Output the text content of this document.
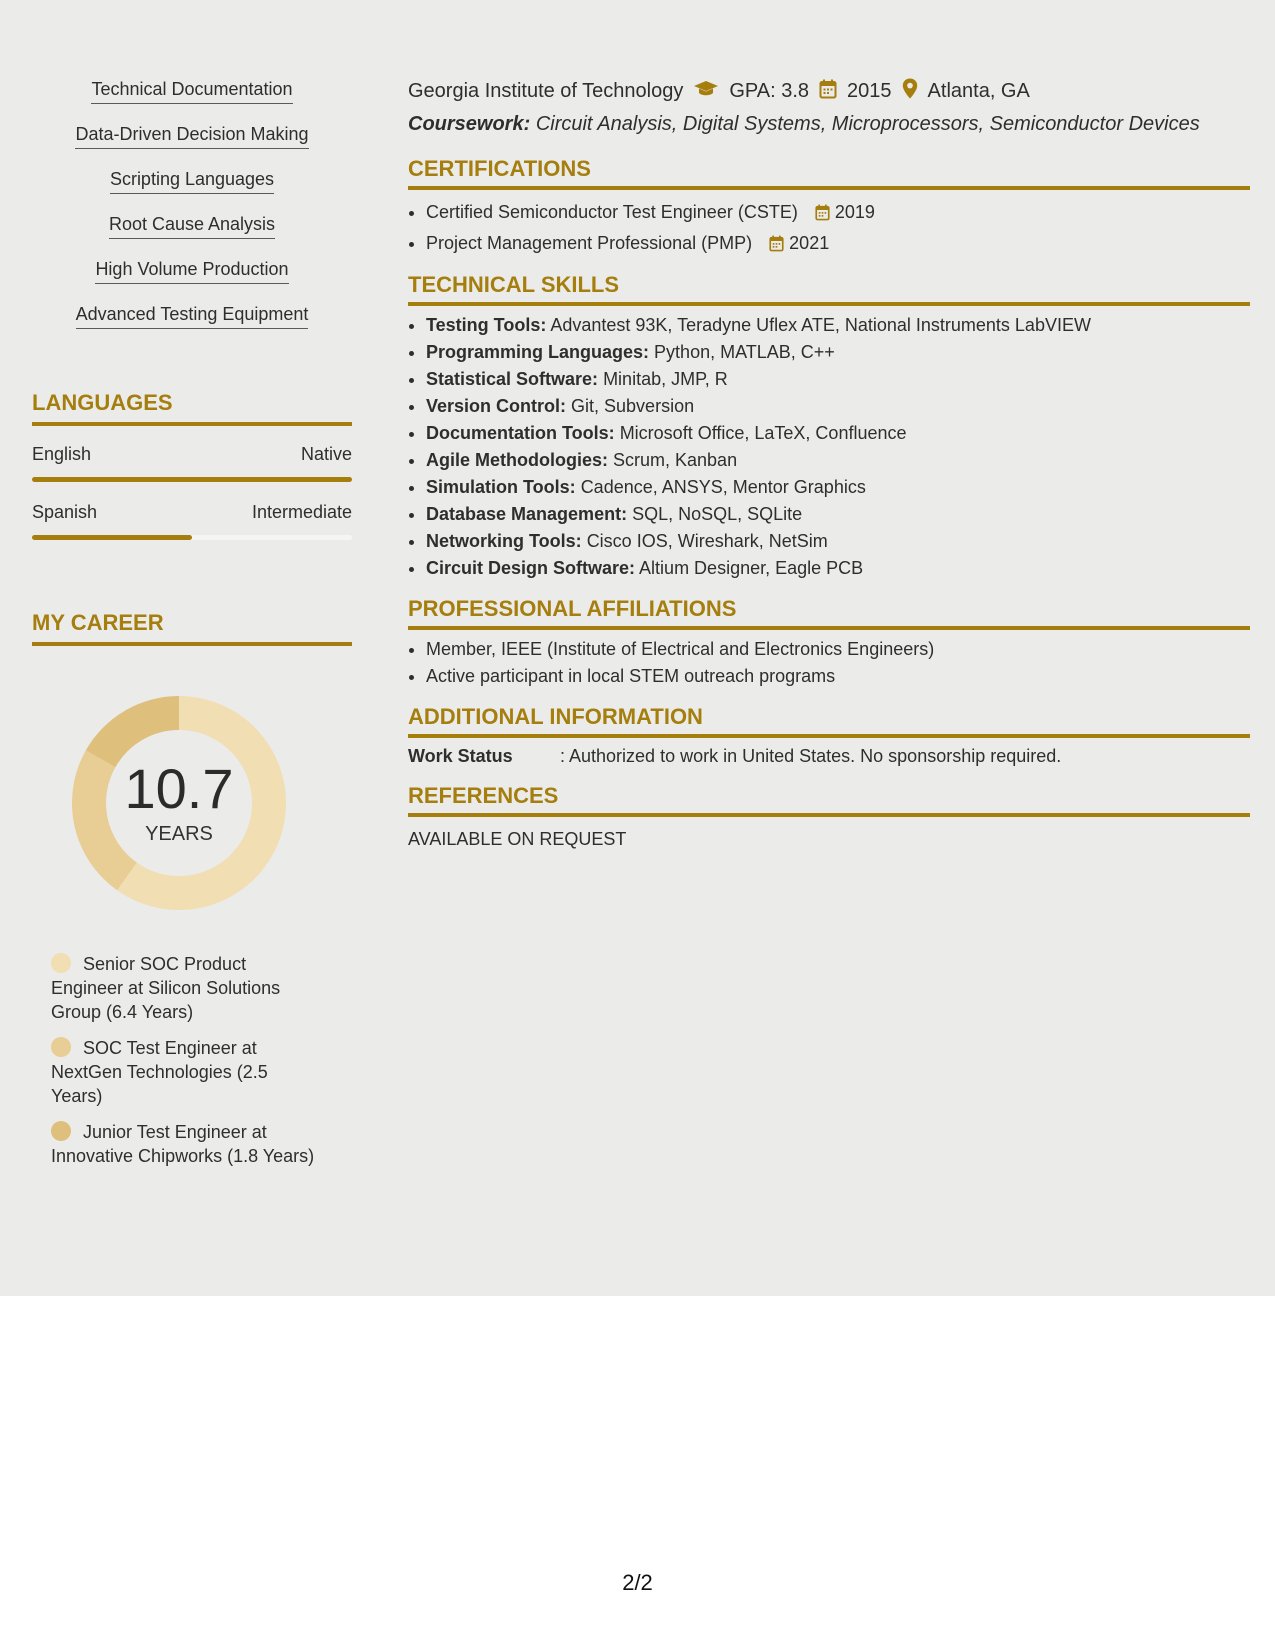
Technical Documentation
Data-Driven Decision Making
Scripting Languages
Root Cause Analysis
High Volume Production
Advanced Testing Equipment
LANGUAGES
English	Native
Spanish	Intermediate
MY CAREER
10.7
YEARS
Senior SOC Product Engineer at Silicon Solutions Group (6.4 Years)
SOC Test Engineer at NextGen Technologies (2.5 Years)
Junior Test Engineer at Innovative Chipworks (1.8 Years)
Georgia Institute of Technology GPA: 3.8 2015 Atlanta, GA
Coursework: Circuit Analysis, Digital Systems, Microprocessors, Semiconductor Devices
CERTIFICATIONS
• Certified Semiconductor Test Engineer (CSTE) 2019
• Project Management Professional (PMP) 2021
TECHNICAL SKILLS
• Testing Tools: Advantest 93K, Teradyne Uflex ATE, National Instruments LabVIEW
• Programming Languages: Python, MATLAB, C++
• Statistical Software: Minitab, JMP, R
• Version Control: Git, Subversion
• Documentation Tools: Microsoft Office, LaTeX, Confluence
• Agile Methodologies: Scrum, Kanban
• Simulation Tools: Cadence, ANSYS, Mentor Graphics
• Database Management: SQL, NoSQL, SQLite
• Networking Tools: Cisco IOS, Wireshark, NetSim
• Circuit Design Software: Altium Designer, Eagle PCB
PROFESSIONAL AFFILIATIONS
• Member, IEEE (Institute of Electrical and Electronics Engineers)
• Active participant in local STEM outreach programs
ADDITIONAL INFORMATION
Work Status	: Authorized to work in United States. No sponsorship required.
REFERENCES
AVAILABLE ON REQUEST
2/2
